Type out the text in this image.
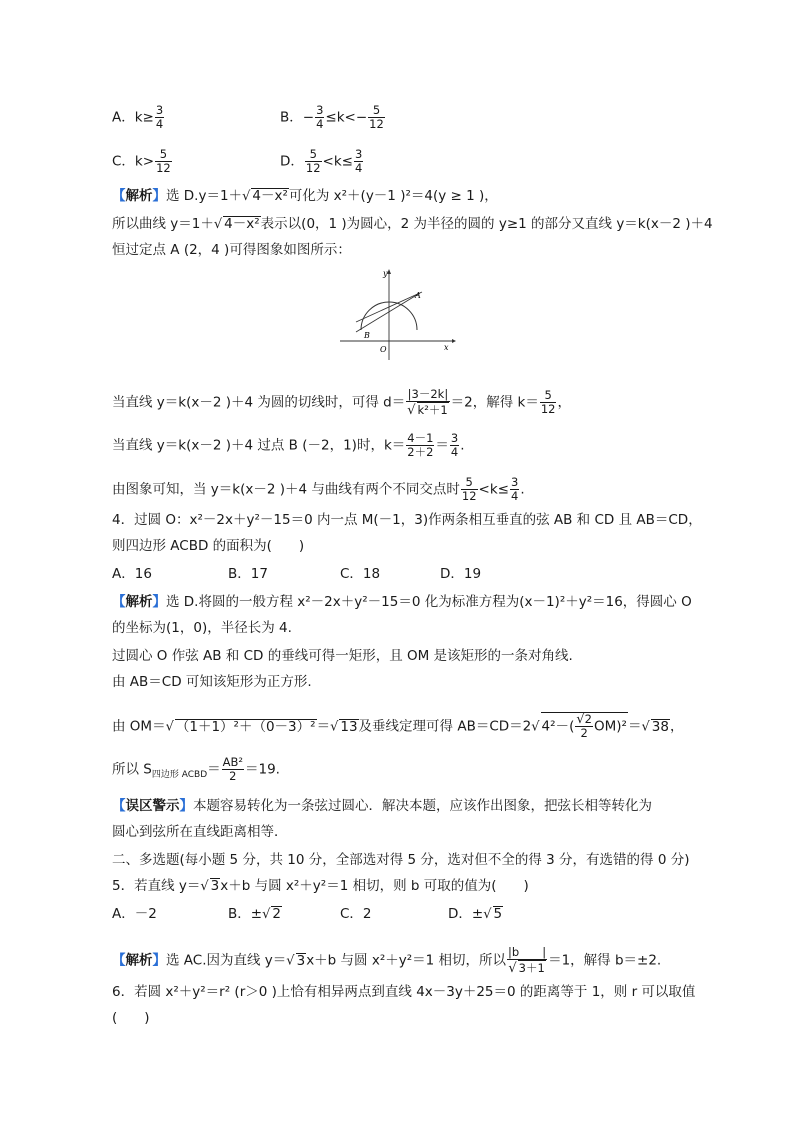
A．$k\ge \frac{3}{4}$	B．− $\frac{3}{4} \le k<- \frac{5}{12}$
C．$k> \frac{5}{12}$	D． $\frac{5}{12} <k\le \frac{3}{4}$
【解析】选 D.y＝1＋√ 4－x²可化为 x²＋(y－1 )²＝4(y ≥ 1 )，
所以曲线 y＝1＋√ 4－x²表示以(0，1 )为圆心，2 为半径的圆的 y≥1 的部分又直线 y＝k(x－2 )＋4
恒过定点 A (2，4 )可得图象如图所示：
y
A
B
O	x
当直线 y＝k(x－2 )＋4 为圆的切线时，可得 $d= \frac{|3-2k|}{\text{√ k²＋1}} =2$，解得 $k= \frac{5}{12}$ ，
当直线 y＝k(x－2 )＋4 过点 B (－2，1)时，$k= \frac{4-1}{2+2} = \frac{3}{4}$ .
由图象可知，当 y＝k(x－2 )＋4 与曲线有两个不同交点时 $\frac{5}{12} <k\le \frac{3}{4}$ .
4．过圆 O：x²－2x＋y²－15＝0 内一点 M(－1，3)作两条相互垂直的弦 AB 和 CD 且 AB＝CD，
则四边形 ACBD 的面积为(　　)
A．16	B．17	C．18	D．19
【解析】选 D.将圆的一般方程 x²－2x＋y²－15＝0 化为标准方程为(x－1)²＋y²＝16，得圆心 O
的坐标为(1，0)，半径长为 4.
过圆心 O 作弦 AB 和 CD 的垂线可得一矩形，且 OM 是该矩形的一条对角线.
由 AB＝CD 可知该矩形为正方形.
由 OM＝√ （1＋1）²＋（0－3）²＝√ 13及垂线定理可得 AB＝CD＝2√ $4^2-( \frac{√2}{2} OM)^2=√$ 38，
所以 $S_{四边形 ACBD}= \frac{\text{AB²}}{2} =19$.
【误区警示】本题容易转化为一条弦过圆心．解决本题，应该作出图象，把弦长相等转化为
圆心到弦所在直线距离相等．
二、多选题(每小题 5 分，共 10 分，全部选对得 5 分，选对但不全的得 3 分，有选错的得 0 分)
5．若直线 y＝√ 3x＋b 与圆 x²＋y²＝1 相切，则 b 可取的值为(　　)
A．－2	B．±√ 2	C．2	D．±√ 5
【解析】选 AC.因为直线 y＝√ 3x＋b 与圆 x²＋y²＝1 相切，所以 $\frac{|b |}{√ 3+1} =1$，解得 b＝±2.
6．若圆 x²＋y²＝r² (r＞0 )上恰有相异两点到直线 4x－3y＋25＝0 的距离等于 1，则 r 可以取值
(　　)
